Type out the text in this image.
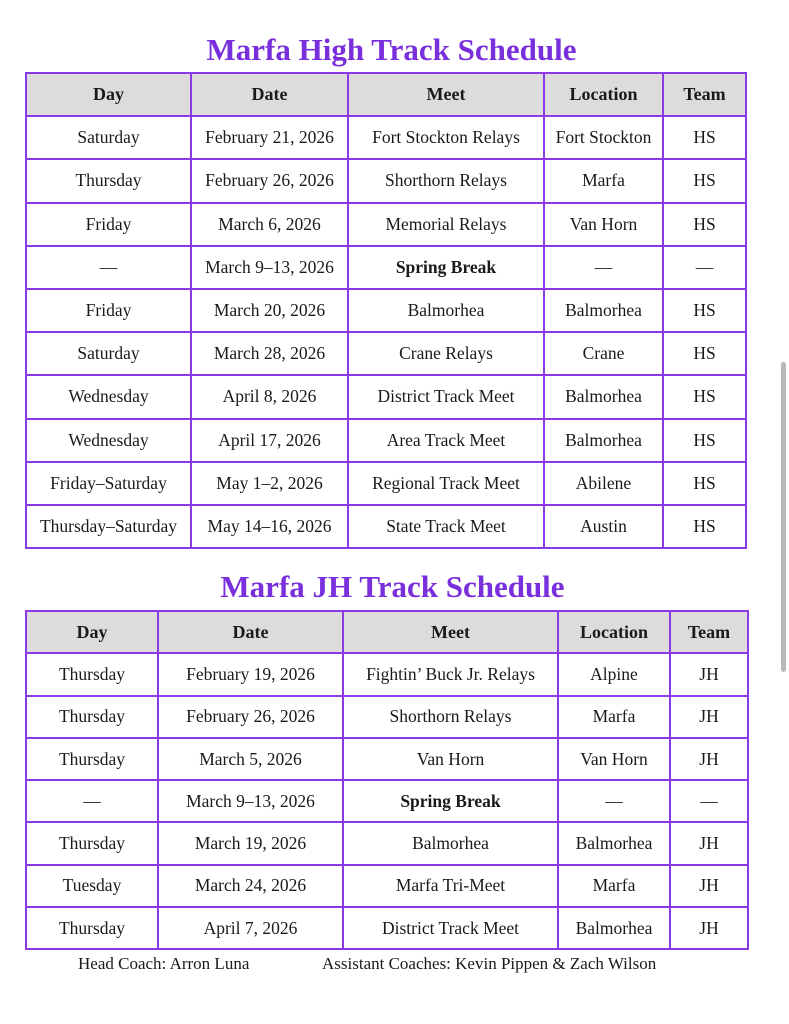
Marfa High Track Schedule
Day	Date	Meet	Location	Team
Saturday	February 21, 2026	Fort Stockton Relays	Fort Stockton	HS
Thursday	February 26, 2026	Shorthorn Relays	Marfa	HS
Friday	March 6, 2026	Memorial Relays	Van Horn	HS
—	March 9–13, 2026	Spring Break	—	—
Friday	March 20, 2026	Balmorhea	Balmorhea	HS
Saturday	March 28, 2026	Crane Relays	Crane	HS
Wednesday	April 8, 2026	District Track Meet	Balmorhea	HS
Wednesday	April 17, 2026	Area Track Meet	Balmorhea	HS
Friday–Saturday	May 1–2, 2026	Regional Track Meet	Abilene	HS
Thursday–Saturday	May 14–16, 2026	State Track Meet	Austin	HS
Marfa JH Track Schedule
Day	Date	Meet	Location	Team
Thursday	February 19, 2026	Fightin’ Buck Jr. Relays	Alpine	JH
Thursday	February 26, 2026	Shorthorn Relays	Marfa	JH
Thursday	March 5, 2026	Van Horn	Van Horn	JH
—	March 9–13, 2026	Spring Break	—	—
Thursday	March 19, 2026	Balmorhea	Balmorhea	JH
Tuesday	March 24, 2026	Marfa Tri-Meet	Marfa	JH
Thursday	April 7, 2026	District Track Meet	Balmorhea	JH
Head Coach: Arron Luna	Assistant Coaches: Kevin Pippen & Zach Wilson
